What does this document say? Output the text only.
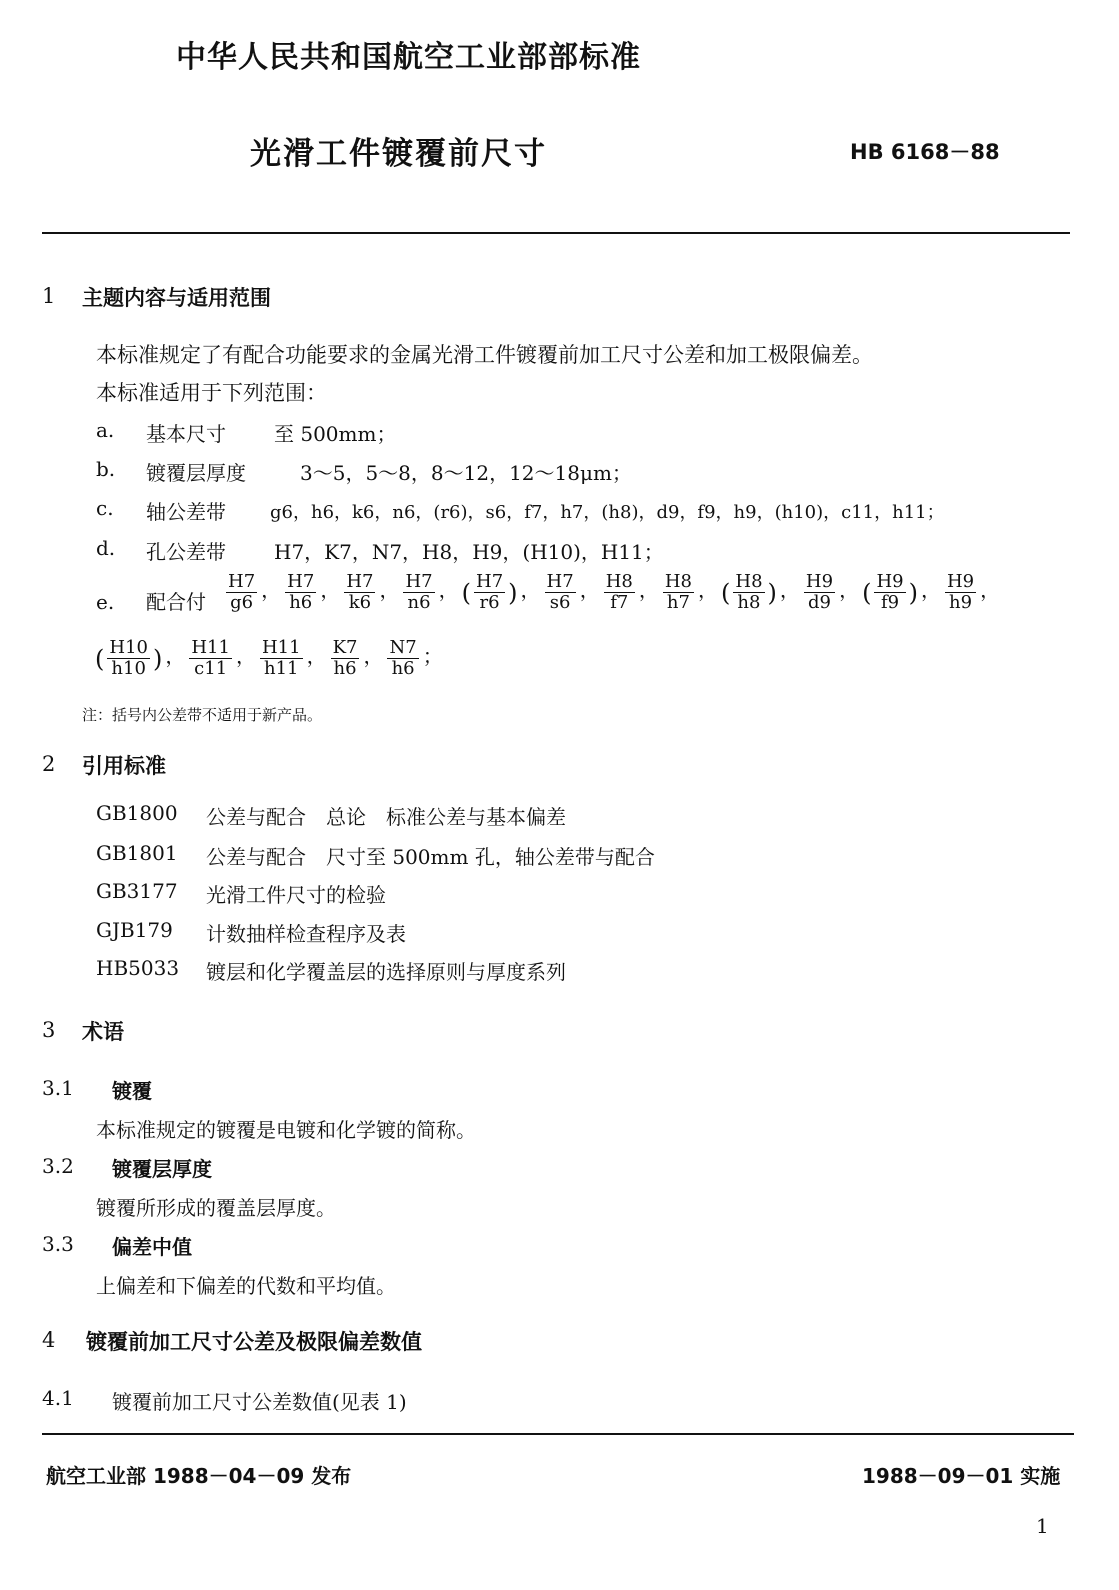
中华人民共和国航空工业部部标准
光滑工件镀覆前尺寸	HB 6168－88
1 主题内容与适用范围
本标准规定了有配合功能要求的金属光滑工件镀覆前加工尺寸公差和加工极限偏差。
本标准适用于下列范围：
a. 基本尺寸 至 500mm；
b. 镀覆层厚度	3～5，5～8，8～12，12～18μm；
c. 轴公差带 g6，h6，k6，n6，(r6)，s6，f7，h7，(h8)，d9，f9，h9，(h10)，c11，h11；
d. 孔公差带 H7，K7，N7，H8，H9，(H10)，H11；
e. 配合付 $\frac{H7}{g6}$ ， $\frac{H7}{h6}$ ， $\frac{H7}{k6}$ ， $\frac{H7}{n6}$ ， ( $\frac{H7}{r6}$ ) ， $\frac{H7}{s6}$ ， $\frac{H8}{f7}$ ， $\frac{H8}{h7}$ ， ( $\frac{H8}{h8}$ ) ， $\frac{H9}{d9}$ ， ( $\frac{H9}{f9}$ ) ， $\frac{H9}{h9}$ ，
( $\frac{H10}{h10}$ ) ， $\frac{H11}{c11}$ ， $\frac{H11}{h11}$ ， $\frac{K7}{h6}$ ， $\frac{N7}{h6}$ ；
注：括号内公差带不适用于新产品。
2 引用标准
GB1800 公差与配合　总论　标准公差与基本偏差
GB1801 公差与配合　尺寸至 500mm 孔，轴公差带与配合
GB3177 光滑工件尺寸的检验
GJB179 计数抽样检查程序及表
HB5033 镀层和化学覆盖层的选择原则与厚度系列
3 术语
3.1 镀覆
本标准规定的镀覆是电镀和化学镀的简称。
3.2 镀覆层厚度
镀覆所形成的覆盖层厚度。
3.3 偏差中值
上偏差和下偏差的代数和平均值。
4 镀覆前加工尺寸公差及极限偏差数值
4.1 镀覆前加工尺寸公差数值(见表 1)
航空工业部 1988－04－09 发布	1988－09－01 实施
1
